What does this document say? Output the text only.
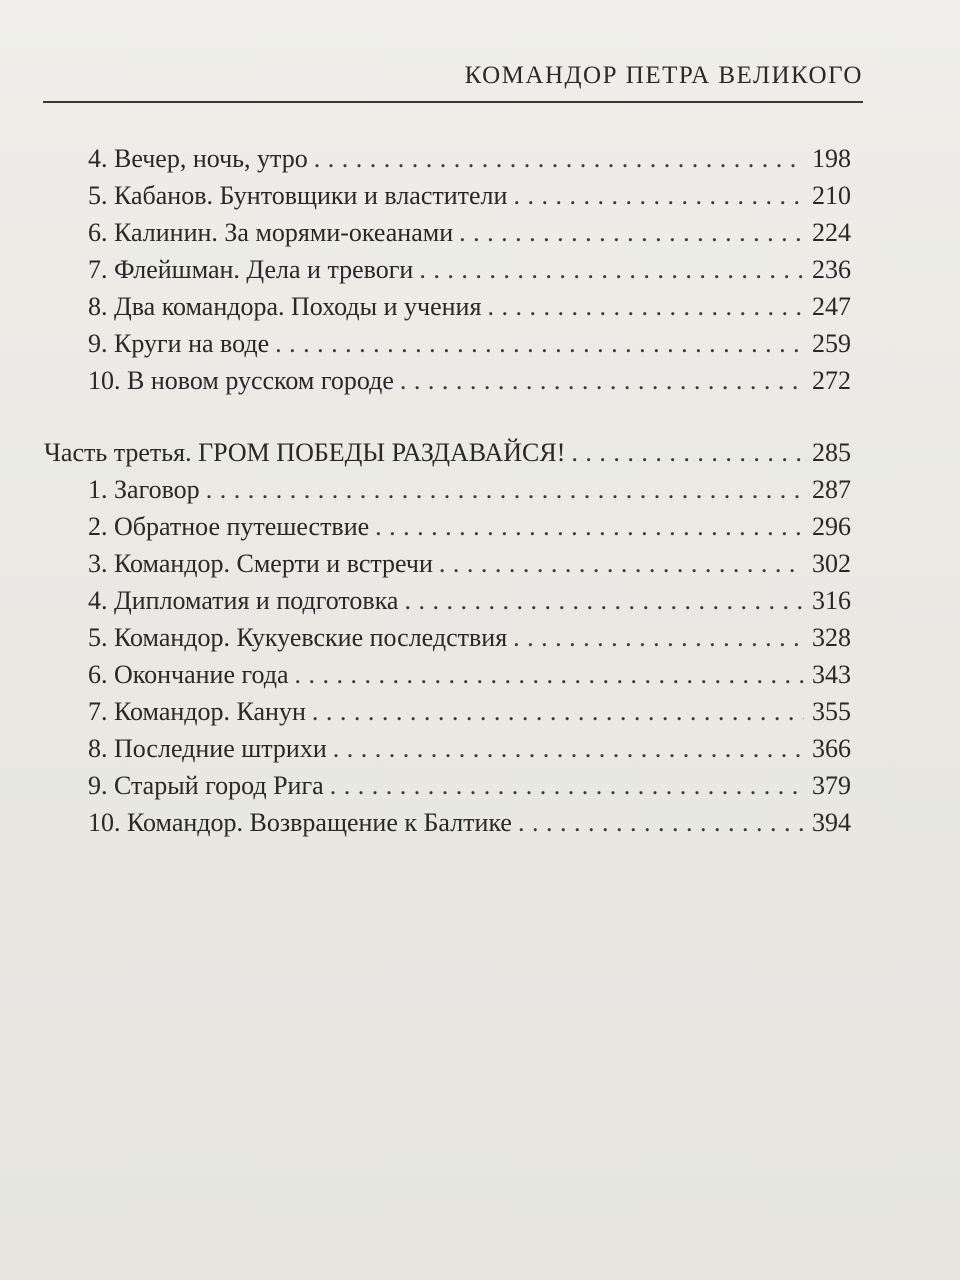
КОМАНДОР ПЕТРА ВЕЛИКОГО
4. Вечер, ночь, утро . . .	198
5. Кабанов. Бунтовщики и властители . . .	210
6. Калинин. За морями-океанами . . .	224
7. Флейшман. Дела и тревоги . . .	236
8. Два командора. Походы и учения . . .	247
9. Круги на воде . . .	259
10. В новом русском городе . . .	272
Часть третья. ГРОМ ПОБЕДЫ РАЗДАВАЙСЯ! . . .	285
1. Заговор . . .	287
2. Обратное путешествие . . .	296
3. Командор. Смерти и встречи . . .	302
4. Дипломатия и подготовка . . .	316
5. Командор. Кукуевские последствия . . .	328
6. Окончание года . . .	343
7. Командор. Канун . . .	355
8. Последние штрихи . . .	366
9. Старый город Рига . . .	379
10. Командор. Возвращение к Балтике . . .	394
